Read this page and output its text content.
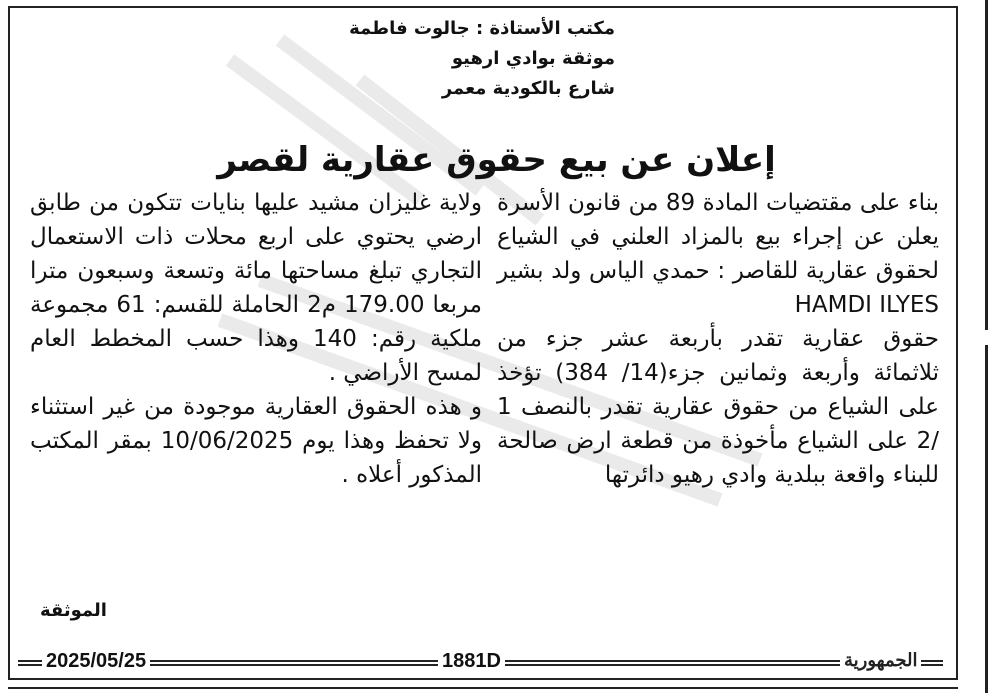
مكتب الأستاذة : جالوت فاطمة
موثقة بوادي ارهيو
شارع بالكودية معمر
إعلان عن بيع حقوق عقارية لقصر

بناء على مقتضيات المادة 89 من قانون الأسرة يعلن عن إجراء بيع بالمزاد العلني في الشياع لحقوق عقارية للقاصر : حمدي الياس ولد بشير HAMDI ILYES

حقوق عقارية تقدر بأربعة عشر جزء من ثلاثمائة وأربعة وثمانين جزء(14/ 384) تؤخذ على الشياع من حقوق عقارية تقدر بالنصف 1 /2 على الشياع مأخوذة من قطعة ارض صالحة للبناء واقعة ببلدية وادي رهيو دائرتها

ولاية غليزان مشيد عليها بنايات تتكون من طابق ارضي يحتوي على اربع محلات ذات الاستعمال التجاري تبلغ مساحتها مائة وتسعة وسبعون مترا مربعا 179.00 م2 الحاملة للقسم: 61 مجموعة ملكية رقم: 140 وهذا حسب المخطط العام لمسح الأراضي .

و هذه الحقوق العقارية موجودة من غير استثناء ولا تحفظ وهذا يوم 10/06/2025 بمقر المكتب المذكور أعلاه .

الموثقة
2025/05/25	1881D	الجمهورية
